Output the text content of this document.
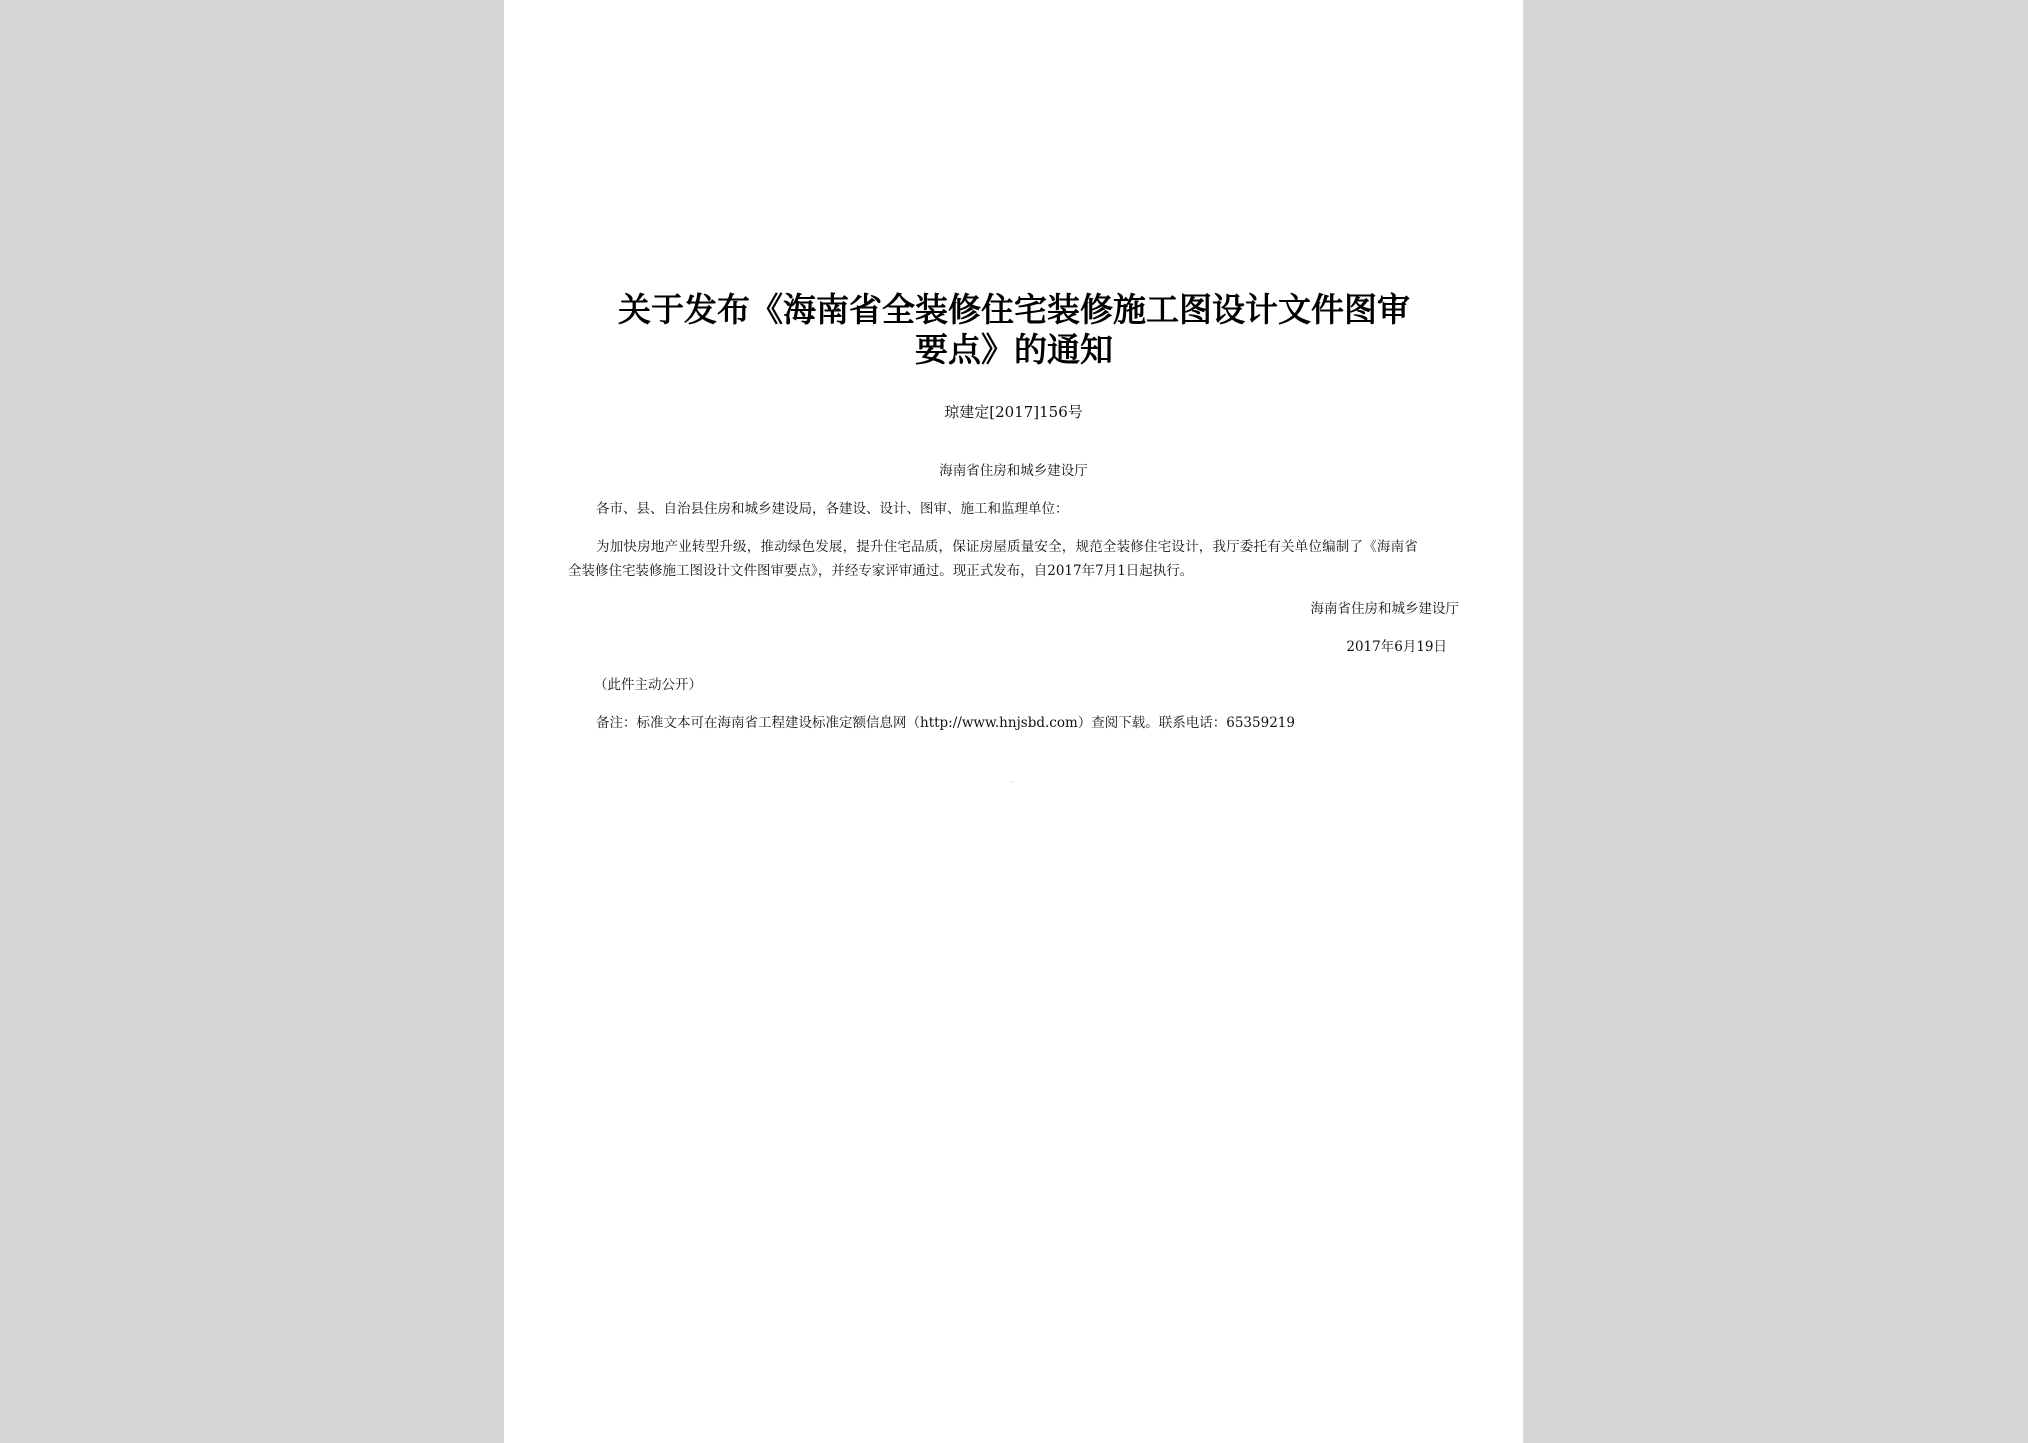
关于发布《海南省全装修住宅装修施工图设计文件图审
要点》的通知
琼建定[2017]156号
海南省住房和城乡建设厅
各市、县、自治县住房和城乡建设局，各建设、设计、图审、施工和监理单位：
为加快房地产业转型升级，推动绿色发展，提升住宅品质，保证房屋质量安全，规范全装修住宅设计，我厅委托有关单位编制了《海南省
全装修住宅装修施工图设计文件图审要点》，并经专家评审通过。现正式发布，自2017年7月1日起执行。
海南省住房和城乡建设厅
2017年6月19日
（此件主动公开）
备注：标准文本可在海南省工程建设标准定额信息网（http://www.hnjsbd.com）查阅下载。联系电话：65359219
